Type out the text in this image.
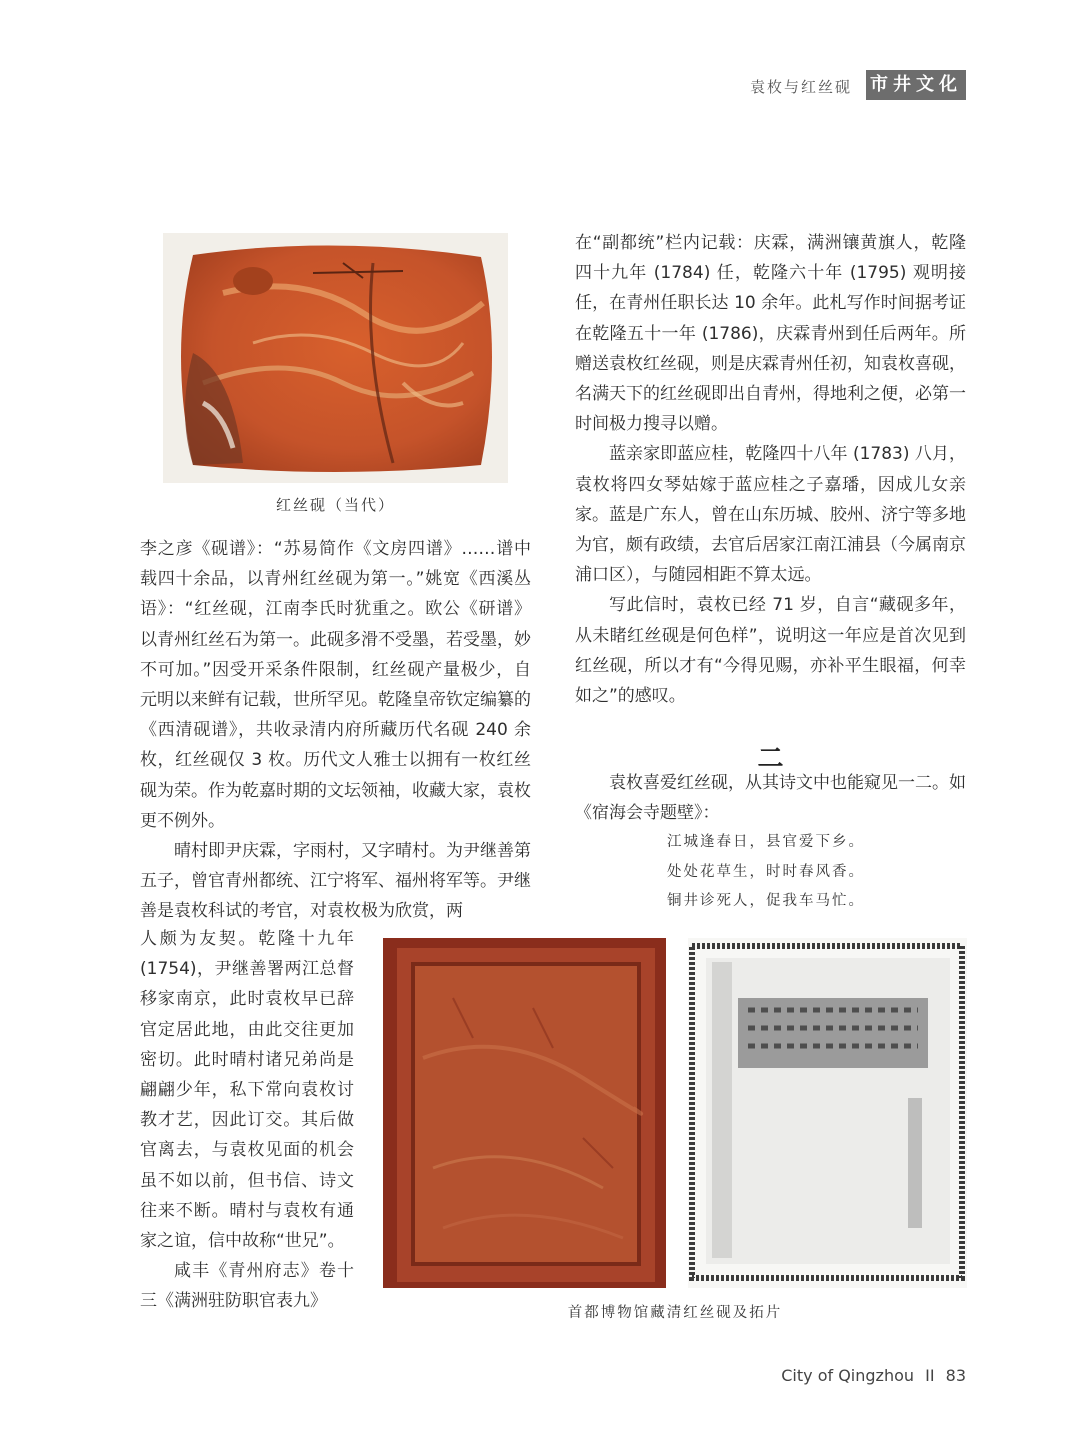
袁枚与红丝砚 市井文化
红丝砚（当代）

李之彦《砚谱》：“苏易简作《文房四谱》……谱中载四十余品，以青州红丝砚为第一。”姚宽《西溪丛语》：“红丝砚，江南李氏时犹重之。欧公《研谱》以青州红丝石为第一。此砚多滑不受墨，若受墨，妙不可加。”因受开采条件限制，红丝砚产量极少，自元明以来鲜有记载，世所罕见。乾隆皇帝钦定编纂的《西清砚谱》，共收录清内府所藏历代名砚 240 余枚，红丝砚仅 3 枚。历代文人雅士以拥有一枚红丝砚为荣。作为乾嘉时期的文坛领袖，收藏大家，袁枚更不例外。

晴村即尹庆霖，字雨村，又字晴村。为尹继善第五子，曾官青州都统、江宁将军、福州将军等。尹继善是袁枚科试的考官，对袁枚极为欣赏，两

人颇为友契。乾隆十九年(1754)，尹继善署两江总督移家南京，此时袁枚早已辞官定居此地，由此交往更加密切。此时晴村诸兄弟尚是翩翩少年，私下常向袁枚讨教才艺，因此订交。其后做官离去，与袁枚见面的机会虽不如以前，但书信、诗文往来不断。晴村与袁枚有通家之谊，信中故称“世兄”。

咸丰《青州府志》卷十三《满洲驻防职官表九》

在“副都统”栏内记载：庆霖，满洲镶黄旗人，乾隆四十九年 (1784) 任，乾隆六十年 (1795) 观明接任，在青州任职长达 10 余年。此札写作时间据考证在乾隆五十一年 (1786)，庆霖青州到任后两年。所赠送袁枚红丝砚，则是庆霖青州任初，知袁枚喜砚，名满天下的红丝砚即出自青州，得地利之便，必第一时间极力搜寻以赠。

蓝亲家即蓝应桂，乾隆四十八年 (1783) 八月，袁枚将四女琴姑嫁于蓝应桂之子嘉璠，因成儿女亲家。蓝是广东人，曾在山东历城、胶州、济宁等多地为官，颇有政绩，去官后居家江南江浦县（今属南京浦口区），与随园相距不算太远。

写此信时，袁枚已经 71 岁，自言“藏砚多年，从未睹红丝砚是何色样”，说明这一年应是首次见到红丝砚，所以才有“今得见赐，亦补平生眼福，何幸如之”的感叹。

二

袁枚喜爱红丝砚，从其诗文中也能窥见一二。如《宿海会寺题壁》：

江城逢春日，县官爱下乡。
处处花草生，时时春风香。
铜井诊死人，促我车马忙。
首都博物馆藏清红丝砚及拓片
City of Qingzhou II 83
